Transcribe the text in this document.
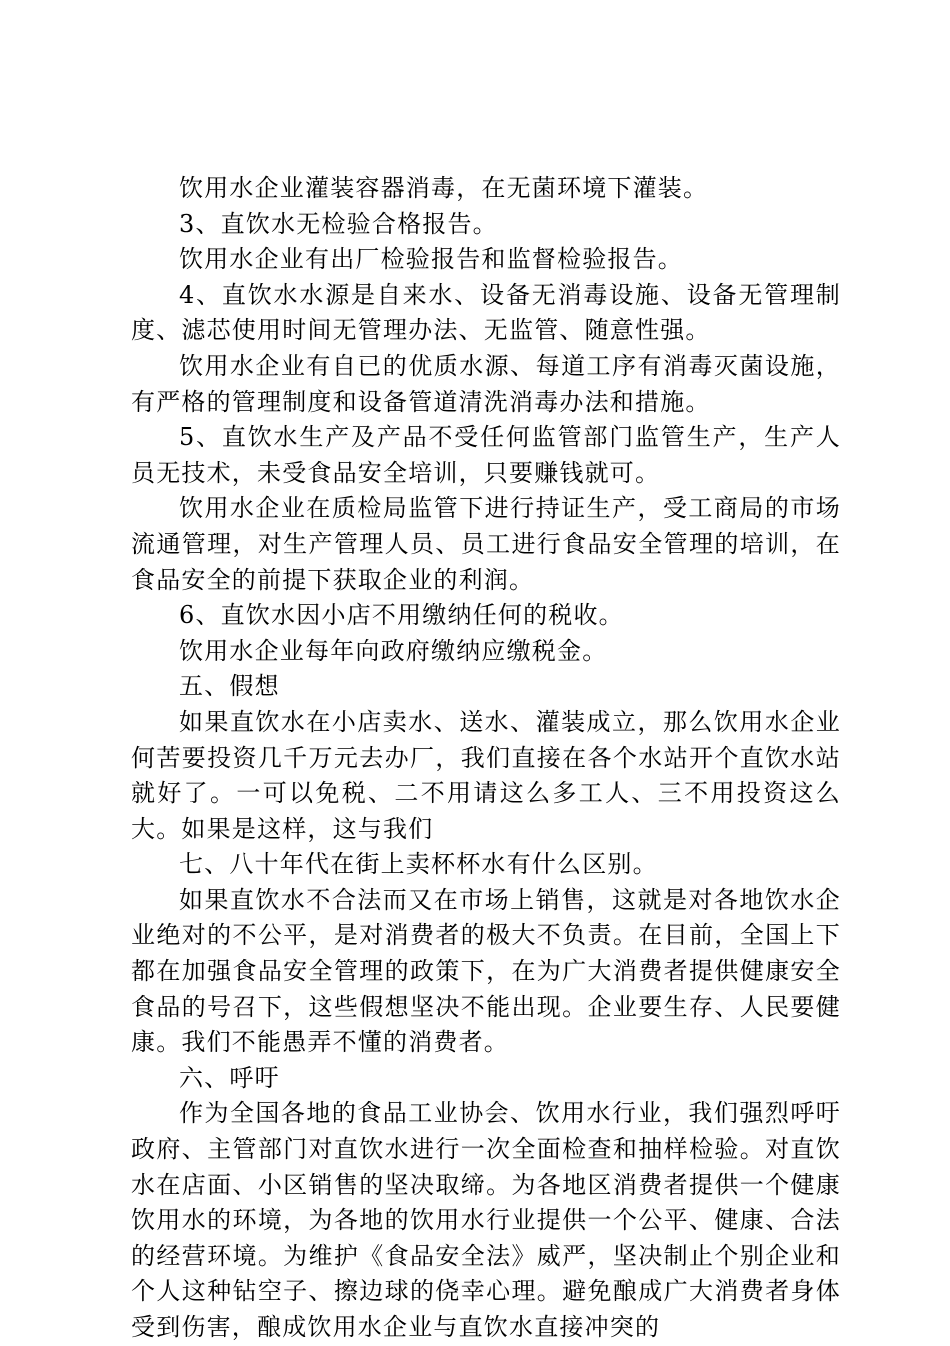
饮用水企业灌装容器消毒，在无菌环境下灌装。

3、直饮水无检验合格报告。

饮用水企业有出厂检验报告和监督检验报告。

4、直饮水水源是自来水、设备无消毒设施、设备无管理制度、滤芯使用时间无管理办法、无监管、随意性强。

饮用水企业有自已的优质水源、每道工序有消毒灭菌设施，有严格的管理制度和设备管道清洗消毒办法和措施。

5、直饮水生产及产品不受任何监管部门监管生产，生产人员无技术，未受食品安全培训，只要赚钱就可。

饮用水企业在质检局监管下进行持证生产，受工商局的市场流通管理，对生产管理人员、员工进行食品安全管理的培训，在食品安全的前提下获取企业的利润。

6、直饮水因小店不用缴纳任何的税收。

饮用水企业每年向政府缴纳应缴税金。

五、假想

如果直饮水在小店卖水、送水、灌装成立，那么饮用水企业何苦要投资几千万元去办厂，我们直接在各个水站开个直饮水站就好了。一可以免税、二不用请这么多工人、三不用投资这么大。如果是这样，这与我们

七、八十年代在街上卖杯杯水有什么区别。

如果直饮水不合法而又在市场上销售，这就是对各地饮水企业绝对的不公平，是对消费者的极大不负责。在目前，全国上下都在加强食品安全管理的政策下，在为广大消费者提供健康安全食品的号召下，这些假想坚决不能出现。企业要生存、人民要健康。我们不能愚弄不懂的消费者。

六、呼吁

作为全国各地的食品工业协会、饮用水行业，我们强烈呼吁政府、主管部门对直饮水进行一次全面检查和抽样检验。对直饮水在店面、小区销售的坚决取缔。为各地区消费者提供一个健康饮用水的环境，为各地的饮用水行业提供一个公平、健康、合法的经营环境。为维护《食品安全法》威严，坚决制止个别企业和个人这种钻空子、擦边球的侥幸心理。避免酿成广大消费者身体受到伤害，酿成饮用水企业与直饮水直接冲突的
